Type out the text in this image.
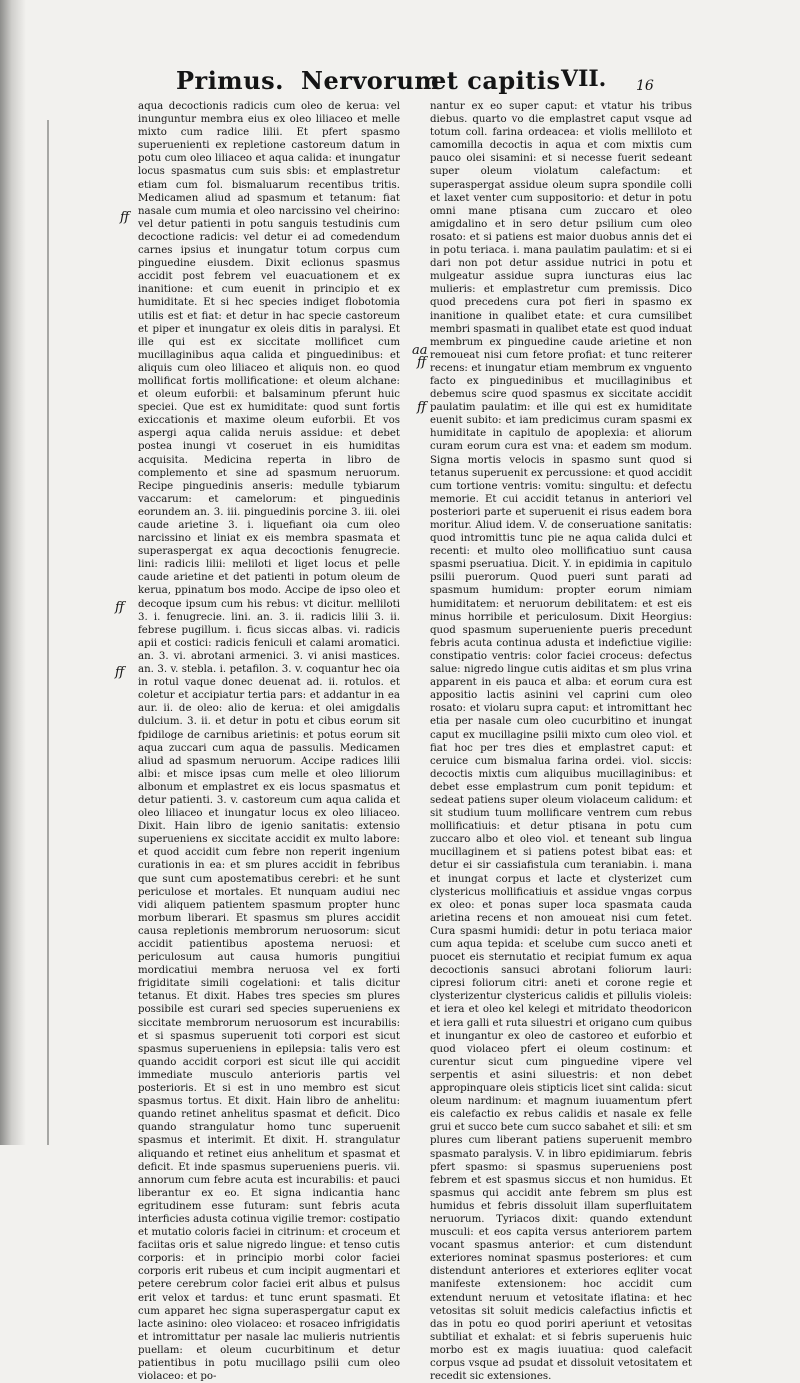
Primus. Nervorum
et capitis VII. 16

aqua decoctionis radicis cum oleo de kerua: vel inunguntur membra eius ex oleo liliaceo et melle mixto cum radice lilii. Et pfert spasmo superuenienti ex repletione castoreum datum in potu cum oleo liliaceo et aqua calida: et inungatur locus spasmatus cum suis sbis: et emplastretur etiam cum fol. bismaluarum recentibus tritis. Medicamen aliud ad spasmum et tetanum: fiat nasale cum mumia et oleo narcissino vel cheirino: vel detur patienti in potu sanguis testudinis cum decoctione radicis: vel detur ei ad comedendum carnes ipsius et inungatur totum corpus cum pinguedine eiusdem. Dixit eclionus spasmus accidit post febrem vel euacuationem et ex inanitione: et cum euenit in principio et ex humiditate. Et si hec species indiget flobotomia utilis est et fiat: et detur in hac specie castoreum et piper et inungatur ex oleis ditis in paralysi. Et ille qui est ex siccitate mollificet cum mucillaginibus aqua calida et pinguedinibus: et aliquis cum oleo liliaceo et aliquis non. eo quod mollificat fortis mollificatione: et oleum alchane: et oleum euforbii: et balsaminum pferunt huic speciei. Que est ex humiditate: quod sunt fortis exiccationis et maxime oleum euforbii. Et vos aspergi aqua calida neruis assidue: et debet postea inungi vt coseruet in eis humiditas acquisita. Medicina reperta in libro de complemento et sine ad spasmum neruorum. Recipe pinguedinis anseris: medulle tybiarum vaccarum: et camelorum: et pinguedinis eorundem an. 3. iii. pinguedinis porcine 3. iii. olei caude arietine 3. i. liquefiant oia cum oleo narcissino et liniat ex eis membra spasmata et superaspergat ex aqua decoctionis fenugrecie. lini: radicis lilii: meliloti et liget locus et pelle caude arietine et det patienti in potum oleum de kerua, ppinatum bos modo. Accipe de ipso oleo et decoque ipsum cum his rebus: vt dicitur. melliloti 3. i. fenugrecie. lini. an. 3. ii. radicis lilii 3. ii. febrese pugillum. i. ficus siccas albas. vi. radicis apii et costici: radicis feniculi et calami aromatici. an. 3. vi. abrotani armenici. 3. vi anisi mastices. an. 3. v. stebla. i. petafilon. 3. v. coquantur hec oia in rotul vaque donec deuenat ad. ii. rotulos. et coletur et accipiatur tertia pars: et addantur in ea aur. ii. de oleo: alio de kerua: et olei amigdalis dulcium. 3. ii. et detur in potu et cibus eorum sit fpidiloge de carnibus arietinis: et potus eorum sit aqua zuccari cum aqua de passulis. Medicamen aliud ad spasmum neruorum. Accipe radices lilii albi: et misce ipsas cum melle et oleo liliorum albonum et emplastret ex eis locus spasmatus et detur patienti. 3. v. castoreum cum aqua calida et oleo liliaceo et inungatur locus ex oleo liliaceo. Dixit. Hain libro de igenio sanitatis: extensio superueniens ex siccitate accidit ex multo labore: et quod accidit cum febre non reperit ingenium curationis in ea: et sm plures accidit in febribus que sunt cum apostematibus cerebri: et he sunt periculose et mortales. Et nunquam audiui nec vidi aliquem patientem spasmum propter hunc morbum liberari. Et spasmus sm plures accidit causa repletionis membrorum neruosorum: sicut accidit patientibus apostema neruosi: et periculosum aut causa humoris pungitiui mordicatiui membra neruosa vel ex forti frigiditate simili cogelationi: et talis dicitur tetanus. Et dixit. Habes tres species sm plures possibile est curari sed species superueniens ex siccitate membrorum neruosorum est incurabilis: et si spasmus superuenit toti corpori est sicut spasmus superueniens in epilepsia: talis vero est quando accidit corpori est sicut ille qui accidit immediate musculo anterioris partis vel posterioris. Et si est in uno membro est sicut spasmus tortus. Et dixit. Hain libro de anhelitu: quando retinet anhelitus spasmat et deficit. Dico quando strangulatur homo tunc superuenit spasmus et interimit. Et dixit. H. strangulatur aliquando et retinet eius anhelitum et spasmat et deficit. Et inde spasmus superueniens pueris. vii. annorum cum febre acuta est incurabilis: et pauci liberantur ex eo. Et signa indicantia hanc egritudinem esse futuram: sunt febris acuta interficies adusta cotinua vigilie tremor: costipatio et mutatio coloris faciei in citrinum: et croceum et faciitas oris et salue nigredo lingue: et tenso cutis corporis: et in principio morbi color faciei corporis erit rubeus et cum incipit augmentari et petere cerebrum color faciei erit albus et pulsus erit velox et tardus: et tunc erunt spasmati. Et cum apparet hec signa superaspergatur caput ex lacte asinino: oleo violaceo: et rosaceo infrigidatis et intromittatur per nasale lac mulieris nutrientis puellam: et oleum cucurbitinum et detur patientibus in potu mucillago psilii cum oleo violaceo: et po-

nantur ex eo super caput: et vtatur his tribus diebus. quarto vo die emplastret caput vsque ad totum coll. farina ordeacea: et violis melliloto et camomilla decoctis in aqua et com mixtis cum pauco olei sisamini: et si necesse fuerit sedeant super oleum violatum calefactum: et superaspergat assidue oleum supra spondile colli et laxet venter cum suppositorio: et detur in potu omni mane ptisana cum zuccaro et oleo amigdalino et in sero detur psilium cum oleo rosato: et si patiens est maior duobus annis det ei in potu teriaca. i. mana paulatim paulatim: et si ei dari non pot detur assidue nutrici in potu et mulgeatur assidue supra iuncturas eius lac mulieris: et emplastretur cum premissis. Dico quod precedens cura pot fieri in spasmo ex inanitione in qualibet etate: et cura cumsilibet membri spasmati in qualibet etate est quod induat membrum ex pinguedine caude arietine et non remoueat nisi cum fetore profiat: et tunc reiterer recens: et inungatur etiam membrum ex vnguento facto ex pinguedinibus et mucillaginibus et debemus scire quod spasmus ex siccitate accidit paulatim paulatim: et ille qui est ex humiditate euenit subito: et iam predicimus curam spasmi ex humiditate in capitulo de apoplexia: et aliorum curam eorum cura est vna: et eadem sm modum. Signa mortis velocis in spasmo sunt quod si tetanus superuenit ex percussione: et quod accidit cum tortione ventris: vomitu: singultu: et defectu memorie. Et cui accidit tetanus in anteriori vel posteriori parte et superuenit ei risus eadem bora moritur. Aliud idem. V. de conseruatione sanitatis: quod intromittis tunc pie ne aqua calida dulci et recenti: et multo oleo mollificatiuo sunt causa spasmi pseruatiua. Dicit. Y. in epidimia in capitulo psilii puerorum. Quod pueri sunt parati ad spasmum humidum: propter eorum nimiam humiditatem: et neruorum debilitatem: et est eis minus horribile et periculosum. Dixit Heorgius: quod spasmum superueniente pueris precedunt febris acuta continua adusta et indefictiue vigilie: constipatio ventris: color faciei croceus: defectus salue: nigredo lingue cutis aiditas et sm plus vrina apparent in eis pauca et alba: et eorum cura est appositio lactis asinini vel caprini cum oleo rosato: et violaru supra caput: et intromittant hec etia per nasale cum oleo cucurbitino et inungat caput ex mucillagine psilii mixto cum oleo viol. et fiat hoc per tres dies et emplastret caput: et ceruice cum bismalua farina ordei. viol. siccis: decoctis mixtis cum aliquibus mucillaginibus: et debet esse emplastrum cum ponit tepidum: et sedeat patiens super oleum violaceum calidum: et sit studium tuum mollificare ventrem cum rebus mollificatiuis: et detur ptisana in potu cum zuccaro albo et oleo viol. et teneant sub lingua mucillaginem et si patiens potest bibat eas: et detur ei sir cassiafistula cum teraniabin. i. mana et inungat corpus et lacte et clysterizet cum clystericus mollificatiuis et assidue vngas corpus ex oleo: et ponas super loca spasmata cauda arietina recens et non amoueat nisi cum fetet. Cura spasmi humidi: detur in potu teriaca maior cum aqua tepida: et scelube cum succo aneti et puocet eis sternutatio et recipiat fumum ex aqua decoctionis sansuci abrotani foliorum lauri: cipresi foliorum citri: aneti et corone regie et clysterizentur clystericus calidis et pillulis violeis: et iera et oleo kel kelegi et mitridato theodoricon et iera galli et ruta siluestri et origano cum quibus et inungantur ex oleo de castoreo et euforbio et quod violaceo pfert ei oleum costinum: et curentur sicut cum pinguedine vipere vel serpentis et asini siluestris: et non debet appropinquare oleis stipticis licet sint calida: sicut oleum nardinum: et magnum iuuamentum pfert eis calefactio ex rebus calidis et nasale ex felle grui et succo bete cum succo sabahet et sili: et sm plures cum liberant patiens superuenit membro spasmato paralysis. V. in libro epidimiarum. febris pfert spasmo: si spasmus superueniens post febrem et est spasmus siccus et non humidus. Et spasmus qui accidit ante febrem sm plus est humidus et febris dissoluit illam superfluitatem neruorum. Tyriacos dixit: quando extendunt musculi: et eos capita versus anteriorem partem vocant spasmus anterior: et cum distendunt exteriores nominat spasmus posteriores: et cum distendunt anteriores et exteriores eqliter vocat manifeste extensionem: hoc accidit cum extendunt neruum et vetositate iflatina: et hec vetositas sit soluit medicis calefactius infictis et das in potu eo quod poriri aperiunt et vetositas subtiliat et exhalat: et si febris superuenis huic morbo est ex magis iuuatiua: quod calefacit corpus vsque ad psudat et dissoluit vetositatem et recedit sic extensiones.

ff
ff
ff
aa
ff
ff
